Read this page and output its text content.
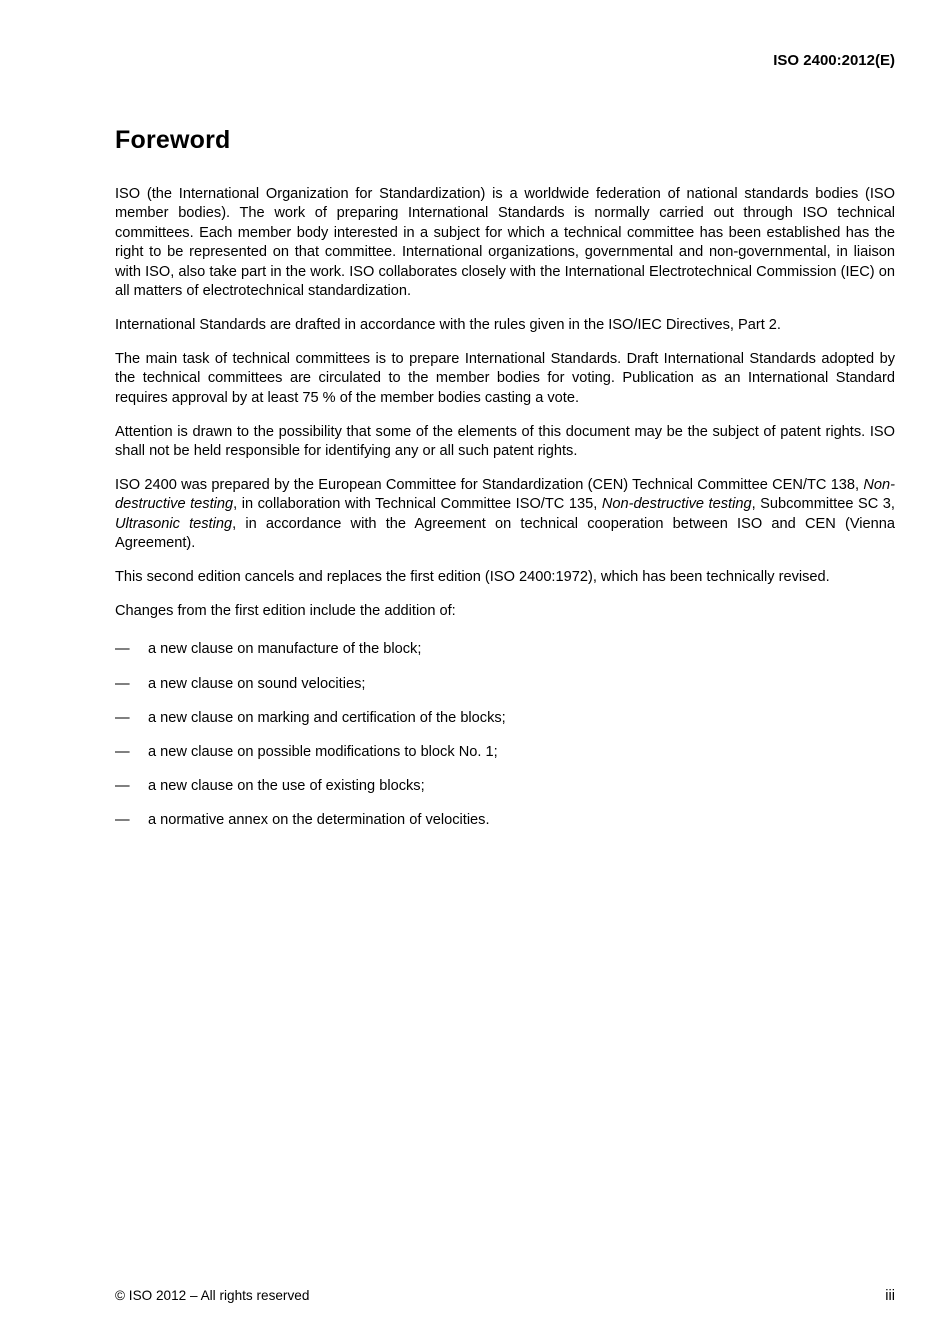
ISO 2400:2012(E)
Foreword

ISO (the International Organization for Standardization) is a worldwide federation of national standards bodies (ISO member bodies). The work of preparing International Standards is normally carried out through ISO technical committees. Each member body interested in a subject for which a technical committee has been established has the right to be represented on that committee. International organizations, governmental and non-governmental, in liaison with ISO, also take part in the work. ISO collaborates closely with the International Electrotechnical Commission (IEC) on all matters of electrotechnical standardization.

International Standards are drafted in accordance with the rules given in the ISO/IEC Directives, Part 2.

The main task of technical committees is to prepare International Standards. Draft International Standards adopted by the technical committees are circulated to the member bodies for voting. Publication as an International Standard requires approval by at least 75 % of the member bodies casting a vote.

Attention is drawn to the possibility that some of the elements of this document may be the subject of patent rights. ISO shall not be held responsible for identifying any or all such patent rights.

ISO 2400 was prepared by the European Committee for Standardization (CEN) Technical Committee CEN/TC 138, Non-destructive testing, in collaboration with Technical Committee ISO/TC 135, Non-destructive testing, Subcommittee SC 3, Ultrasonic testing, in accordance with the Agreement on technical cooperation between ISO and CEN (Vienna Agreement).

This second edition cancels and replaces the first edition (ISO 2400:1972), which has been technically revised.

Changes from the first edition include the addition of:

—	a new clause on manufacture of the block;
—	a new clause on sound velocities;
—	a new clause on marking and certification of the blocks;
—	a new clause on possible modifications to block No. 1;
—	a new clause on the use of existing blocks;
—	a normative annex on the determination of velocities.
© ISO 2012 – All rights reserved	iii
